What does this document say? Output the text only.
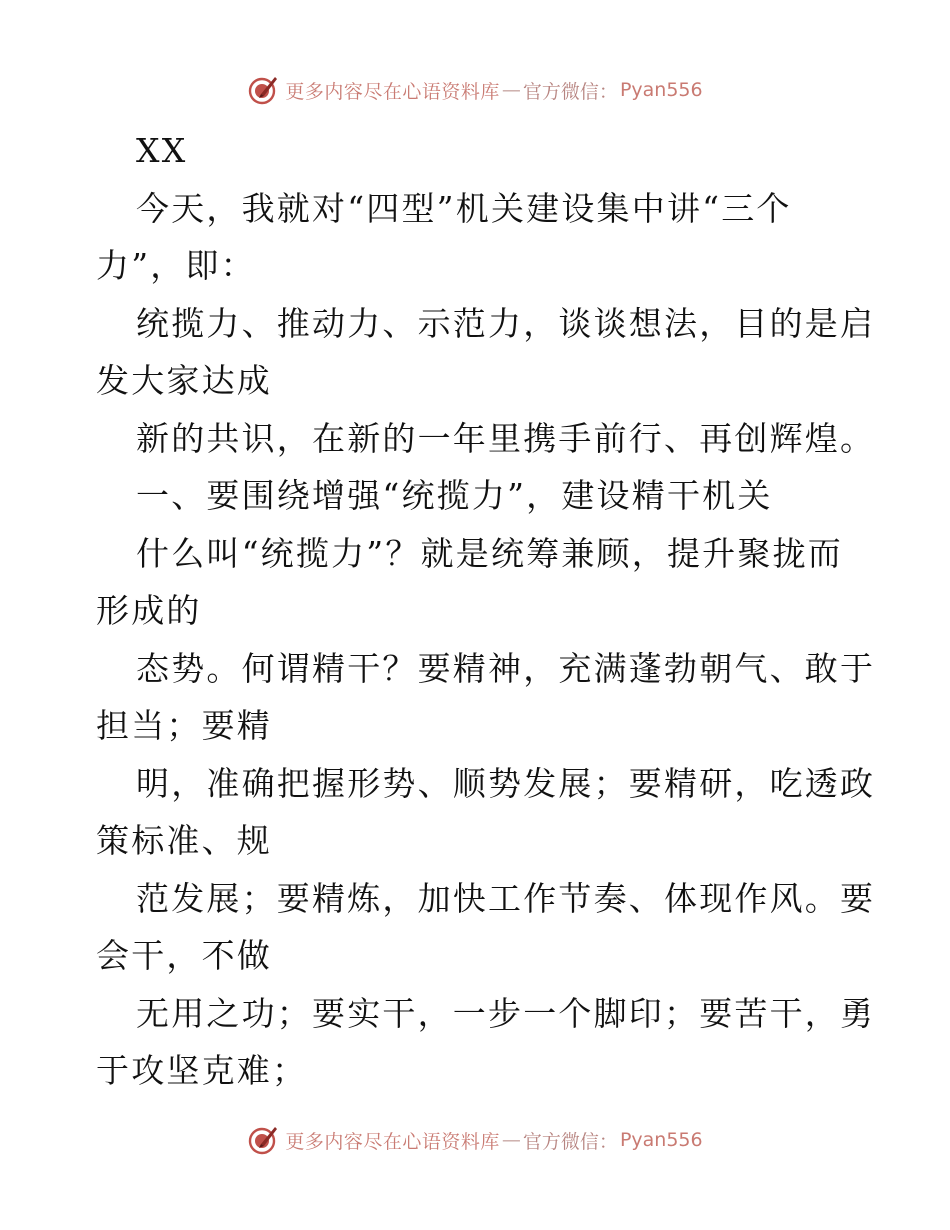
更多内容尽在心语资料库 — 官方微信： Pyan556
XX
今天，我就对“四型”机关建设集中讲“三个
力”，即：
统揽力、推动力、示范力，谈谈想法，目的是启
发大家达成
新的共识，在新的一年里携手前行、再创辉煌。
一、要围绕增强“统揽力”，建设精干机关
什么叫“统揽力”？就是统筹兼顾，提升聚拢而
形成的
态势。何谓精干？要精神，充满蓬勃朝气、敢于
担当；要精
明，准确把握形势、顺势发展；要精研，吃透政
策标准、规
范发展；要精炼，加快工作节奏、体现作风。要
会干，不做
无用之功；要实干，一步一个脚印；要苦干，勇
于攻坚克难；
更多内容尽在心语资料库 — 官方微信： Pyan556
